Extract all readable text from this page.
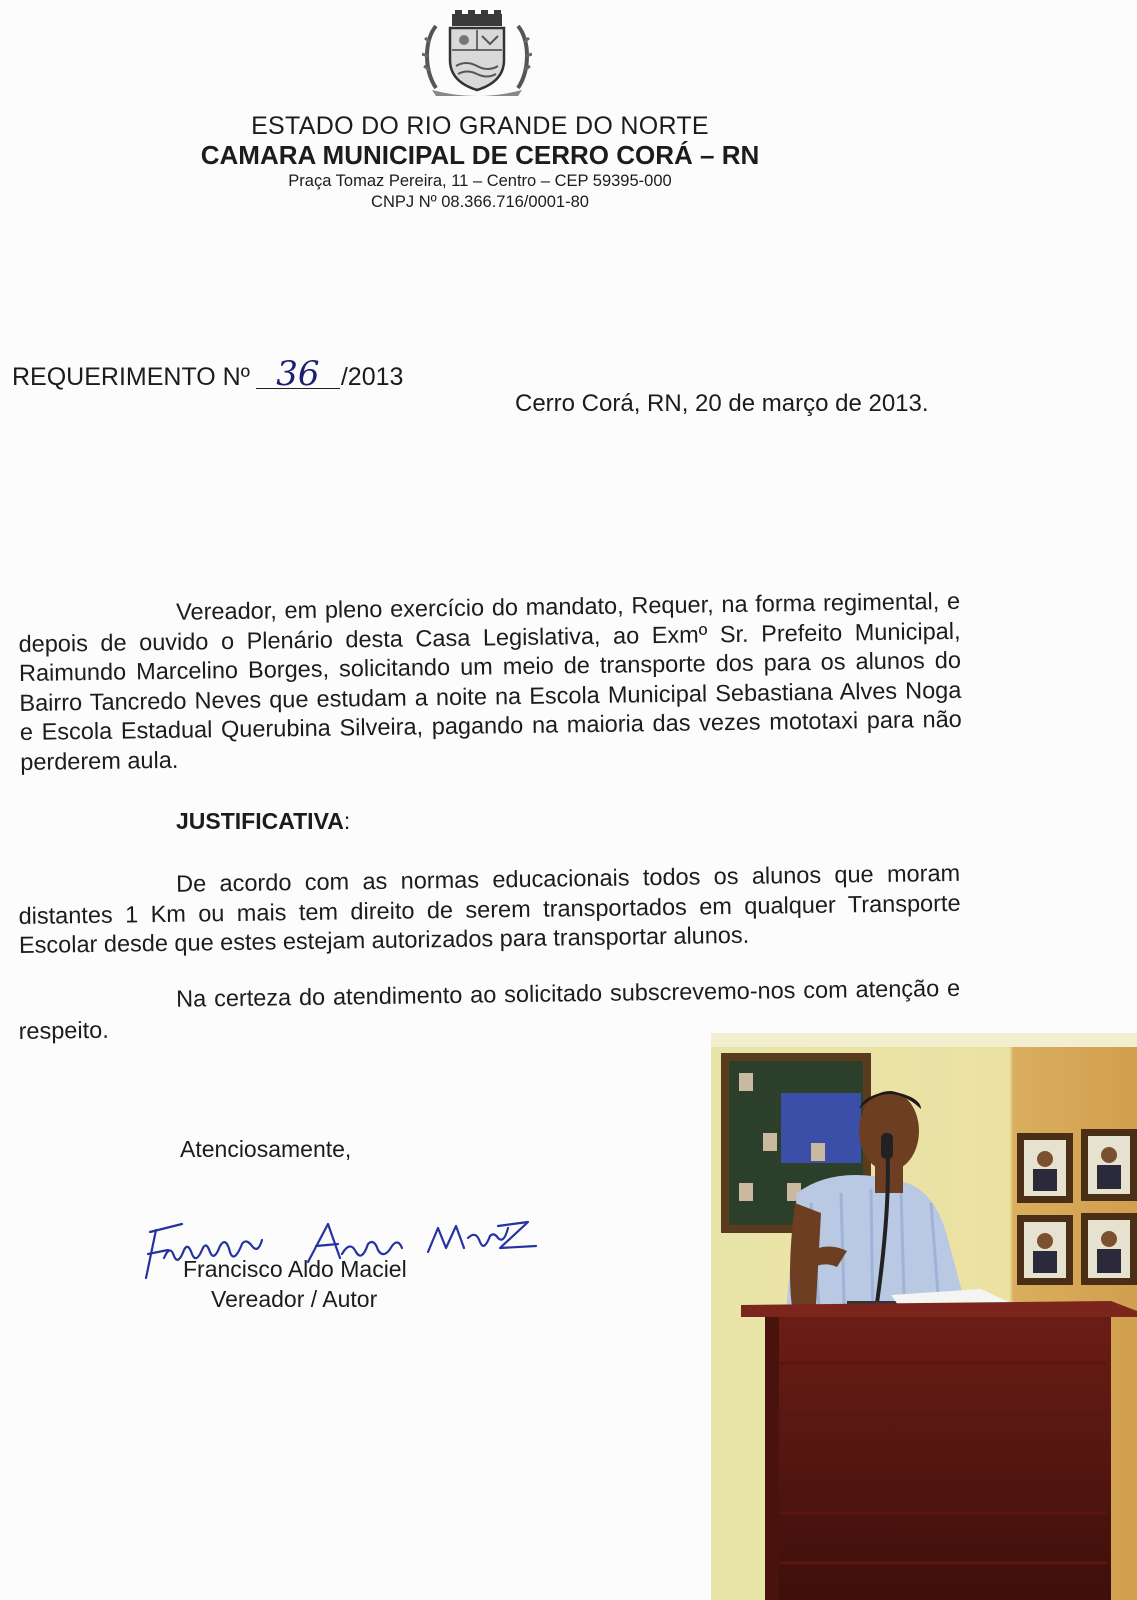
ESTADO DO RIO GRANDE DO NORTE
CAMARA MUNICIPAL DE CERRO CORÁ – RN
Praça Tomaz Pereira, 11 – Centro – CEP 59395-000
CNPJ Nº 08.366.716/0001-80
REQUERIMENTO Nº 36 /2013
Cerro Corá, RN, 20 de março de 2013.
Vereador, em pleno exercício do mandato, Requer, na forma regimental, e depois de ouvido o Plenário desta Casa Legislativa, ao Exmº Sr. Prefeito Municipal, Raimundo Marcelino Borges, solicitando um meio de transporte dos para os alunos do Bairro Tancredo Neves que estudam a noite na Escola Municipal Sebastiana Alves Noga e Escola Estadual Querubina Silveira, pagando na maioria das vezes mototaxi para não perderem aula.
JUSTIFICATIVA:
De acordo com as normas educacionais todos os alunos que moram distantes 1 Km ou mais tem direito de serem transportados em qualquer Transporte Escolar desde que estes estejam autorizados para transportar alunos.
Na certeza do atendimento ao solicitado subscrevemo-nos com atenção e respeito.
Atenciosamente,
Francisco Aldo Maciel
Vereador / Autor
